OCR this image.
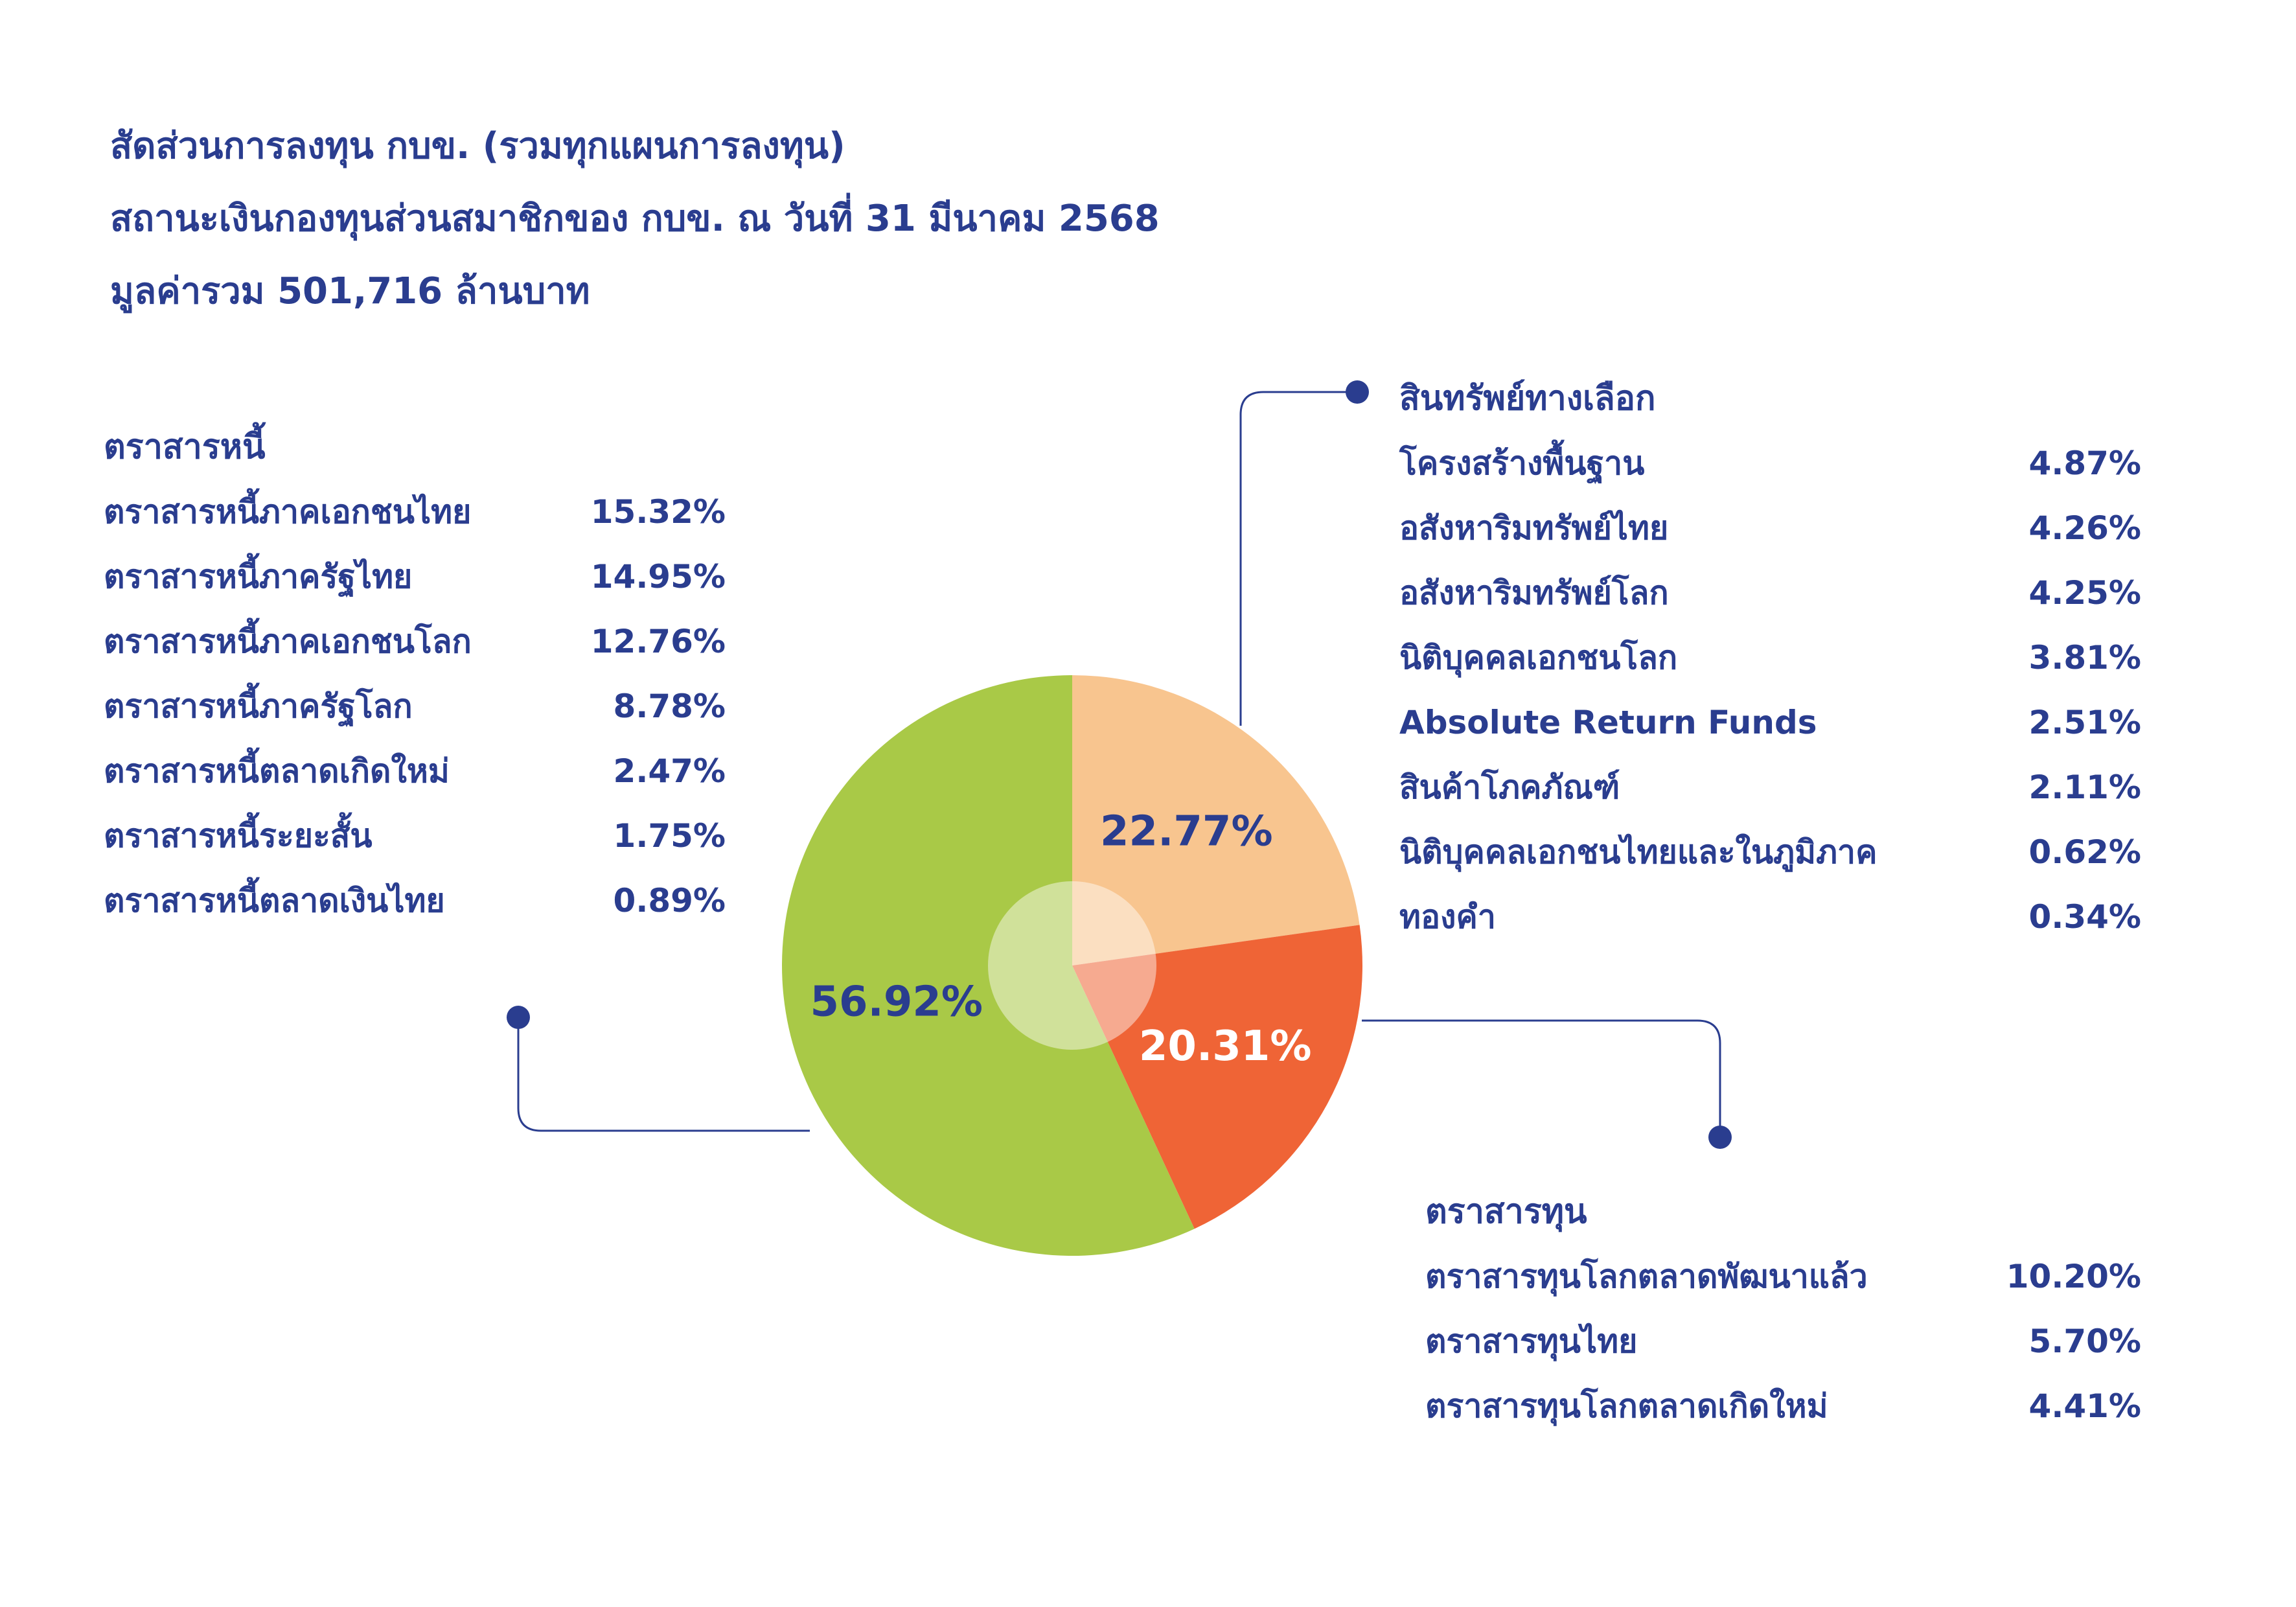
สัดส่วนการลงทุน กบข. (รวมทุกแผนการลงทุน)
สถานะเงินกองทุนส่วนสมาชิกของ กบข. ณ วันที่ 31 มีนาคม 2568
มูลค่ารวม 501,716 ล้านบาท
22.77%
20.31%
56.92%
ตราสารหนี้
ตราสารหนี้ภาคเอกชนไทย	15.32%
ตราสารหนี้ภาครัฐไทย	14.95%
ตราสารหนี้ภาคเอกชนโลก	12.76%
ตราสารหนี้ภาครัฐโลก	8.78%
ตราสารหนี้ตลาดเกิดใหม่	2.47%
ตราสารหนี้ระยะสั้น	1.75%
ตราสารหนี้ตลาดเงินไทย	0.89%
สินทรัพย์ทางเลือก
โครงสร้างพื้นฐาน	4.87%
อสังหาริมทรัพย์ไทย	4.26%
อสังหาริมทรัพย์โลก	4.25%
นิติบุคคลเอกชนโลก	3.81%
Absolute Return Funds	2.51%
สินค้าโภคภัณฑ์	2.11%
นิติบุคคลเอกชนไทยและในภูมิภาค	0.62%
ทองคำ	0.34%
ตราสารทุน
ตราสารทุนโลกตลาดพัฒนาแล้ว	10.20%
ตราสารทุนไทย	5.70%
ตราสารทุนโลกตลาดเกิดใหม่	4.41%
